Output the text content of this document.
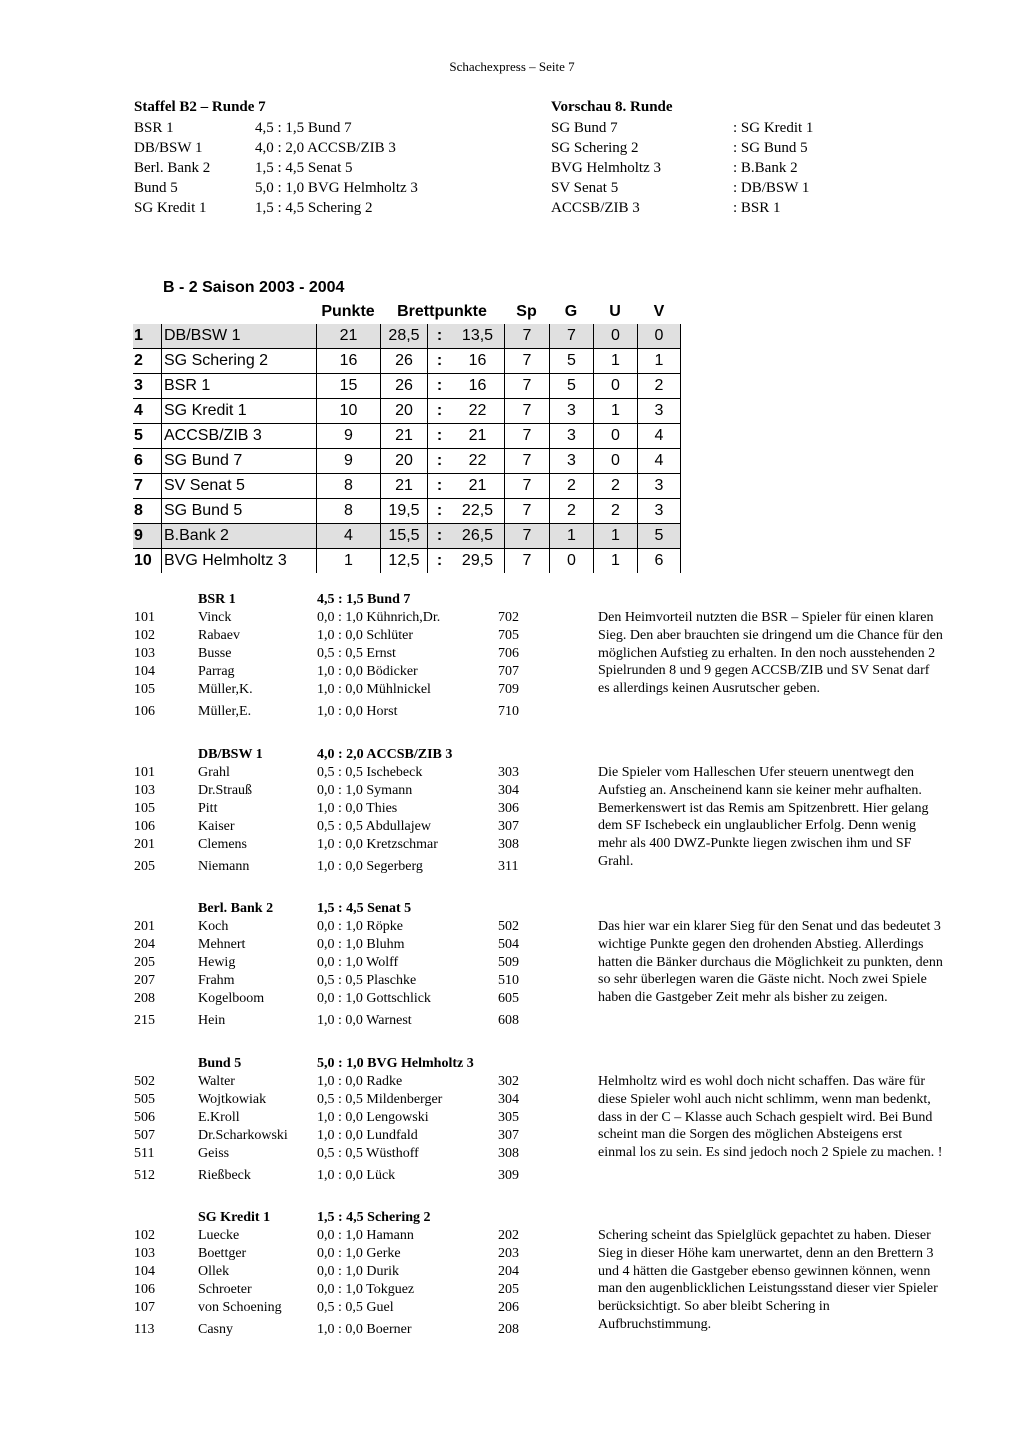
Schachexpress – Seite 7
Staffel B2 – Runde 7
BSR 1	4,5 : 1,5 Bund 7
DB/BSW 1	4,0 : 2,0 ACCSB/ZIB 3
Berl. Bank 2	1,5 : 4,5 Senat 5
Bund 5	5,0 : 1,0 BVG Helmholtz 3
SG Kredit 1	1,5 : 4,5 Schering 2
Vorschau 8. Runde
SG Bund 7	: SG Kredit 1
SG Schering 2	: SG Bund 5
BVG Helmholtz 3	: B.Bank 2
SV Senat 5	: DB/BSW 1
ACCSB/ZIB 3	: BSR 1
B - 2 Saison 2003 - 2004
Punkte	Brettpunkte	Sp	G	U	V
1	DB/BSW 1	21	28,5	:	13,5	7	7	0	0
2	SG Schering 2	16	26	:	16	7	5	1	1
3	BSR 1	15	26	:	16	7	5	0	2
4	SG Kredit 1	10	20	:	22	7	3	1	3
5	ACCSB/ZIB 3	9	21	:	21	7	3	0	4
6	SG Bund 7	9	20	:	22	7	3	0	4
7	SV Senat 5	8	21	:	21	7	2	2	3
8	SG Bund 5	8	19,5	:	22,5	7	2	2	3
9	B.Bank 2	4	15,5	:	26,5	7	1	1	5
10 BVG Helmholtz 3	1	12,5	:	29,5	7	0	1	6
BSR 1	4,5 : 1,5 Bund 7
101	Vinck	0,0 : 1,0 Kühnrich,Dr.	702
102	Rabaev	1,0 : 0,0 Schlüter	705
103	Busse	0,5 : 0,5 Ernst	706
104	Parrag	1,0 : 0,0 Bödicker	707
105	Müller,K.	1,0 : 0,0 Mühlnickel	709
106	Müller,E.	1,0 : 0,0 Horst	710
Den Heimvorteil nutzten die BSR – Spieler für einen klaren Sieg. Den aber brauchten sie dringend um die Chance für den möglichen Aufstieg zu erhalten. In den noch ausstehenden 2 Spielrunden 8 und 9 gegen ACCSB/ZIB und SV Senat darf es allerdings keinen Ausrutscher geben.
DB/BSW 1	4,0 : 2,0 ACCSB/ZIB 3
101	Grahl	0,5 : 0,5 Ischebeck	303
103	Dr.Strauß	0,0 : 1,0 Symann	304
105	Pitt	1,0 : 0,0 Thies	306
106	Kaiser	0,5 : 0,5 Abdullajew	307
201	Clemens	1,0 : 0,0 Kretzschmar	308
205	Niemann	1,0 : 0,0 Segerberg	311
Die Spieler vom Halleschen Ufer steuern unentwegt den Aufstieg an. Anscheinend kann sie keiner mehr aufhalten. Bemerkenswert ist das Remis am Spitzenbrett. Hier gelang dem SF Ischebeck ein unglaublicher Erfolg. Denn wenig mehr als 400 DWZ-Punkte liegen zwischen ihm und SF Grahl.
Berl. Bank 2	1,5 : 4,5 Senat 5
201	Koch	0,0 : 1,0 Röpke	502
204	Mehnert	0,0 : 1,0 Bluhm	504
205	Hewig	0,0 : 1,0 Wolff	509
207	Frahm	0,5 : 0,5 Plaschke	510
208	Kogelboom	0,0 : 1,0 Gottschlick	605
215	Hein	1,0 : 0,0 Warnest	608
Das hier war ein klarer Sieg für den Senat und das bedeutet 3 wichtige Punkte gegen den drohenden Abstieg. Allerdings hatten die Bänker durchaus die Möglichkeit zu punkten, denn so sehr überlegen waren die Gäste nicht. Noch zwei Spiele haben die Gastgeber Zeit mehr als bisher zu zeigen.
Bund 5	5,0 : 1,0 BVG Helmholtz 3
502	Walter	1,0 : 0,0 Radke	302
505	Wojtkowiak	0,5 : 0,5 Mildenberger	304
506	E.Kroll	1,0 : 0,0 Lengowski	305
507	Dr.Scharkowski	1,0 : 0,0 Lundfald	307
511	Geiss	0,5 : 0,5 Wüsthoff	308
512	Rießbeck	1,0 : 0,0 Lück	309
Helmholtz wird es wohl doch nicht schaffen. Das wäre für diese Spieler wohl auch nicht schlimm, wenn man bedenkt, dass in der C – Klasse auch Schach gespielt wird. Bei Bund scheint man die Sorgen des möglichen Absteigens erst einmal los zu sein. Es sind jedoch noch 2 Spiele zu machen. !
SG Kredit 1	1,5 : 4,5 Schering 2
102	Luecke	0,0 : 1,0 Hamann	202
103	Boettger	0,0 : 1,0 Gerke	203
104	Ollek	0,0 : 1,0 Durik	204
106	Schroeter	0,0 : 1,0 Tokguez	205
107	von Schoening	0,5 : 0,5 Guel	206
113	Casny	1,0 : 0,0 Boerner	208
Schering scheint das Spielglück gepachtet zu haben. Dieser Sieg in dieser Höhe kam unerwartet, denn an den Brettern 3 und 4 hätten die Gastgeber ebenso gewinnen können, wenn man den augenblicklichen Leistungsstand dieser vier Spieler berücksichtigt. So aber bleibt Schering in Aufbruchstimmung.
